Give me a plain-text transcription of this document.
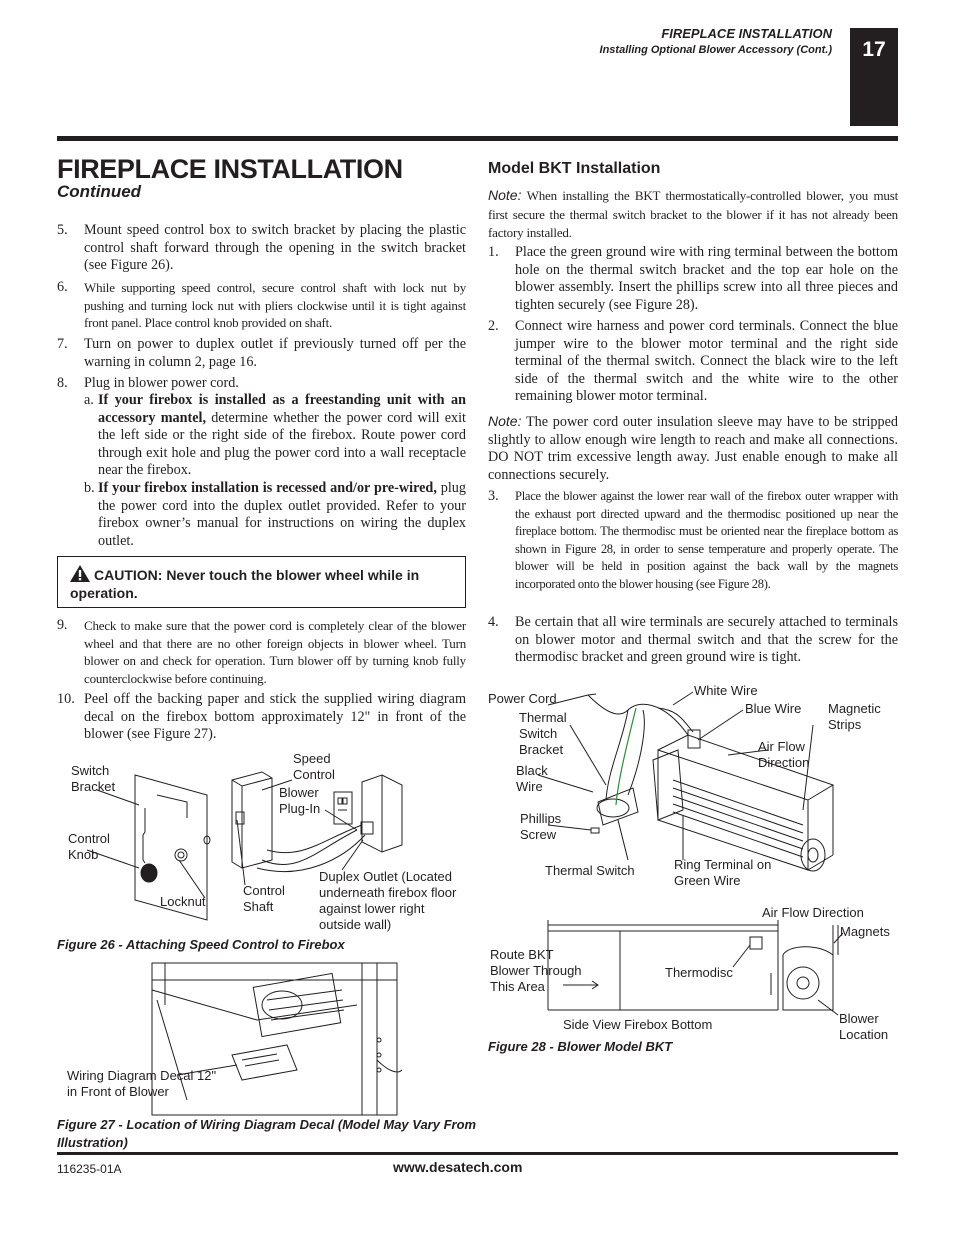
FIREPLACE INSTALLATION
Installing Optional Blower Accessory (Cont.)	17
FIREPLACE INSTALLATION
Continued
5. Mount speed control box to switch bracket by placing the plastic control shaft forward through the opening in the switch bracket (see Figure 26).
6. While supporting speed control, secure control shaft with lock nut by pushing and turning lock nut with pliers clockwise until it is tight against front panel. Place control knob provided on shaft.
7. Turn on power to duplex outlet if previously turned off per the warning in column 2, page 16.
8. Plug in blower power cord.
a. If your firebox is installed as a freestanding unit with an accessory mantel, determine whether the power cord will exit the left side or the right side of the firebox. Route power cord through exit hole and plug the power cord into a wall receptacle near the firebox.
b. If your firebox installation is recessed and/or pre-wired, plug the power cord into the duplex outlet provided. Refer to your firebox owner’s manual for instructions on wiring the duplex outlet.
CAUTION: Never touch the blower wheel while in operation.
9. Check to make sure that the power cord is completely clear of the blower wheel and that there are no other foreign objects in blower wheel. Turn blower on and check for operation. Turn blower off by turning knob fully counterclockwise before continuing.
10. Peel off the backing paper and stick the supplied wiring diagram decal on the firebox bottom approximately 12" in front of the blower (see Figure 27).
Switch Bracket
Speed Control
Blower Plug-In
Control Knob
Locknut
Control Shaft
Duplex Outlet (Located underneath firebox floor against lower right outside wall)
Figure 26 - Attaching Speed Control to Firebox
Wiring Diagram Decal 12" in Front of Blower
Figure 27 - Location of Wiring Diagram Decal (Model May Vary From Illustration)
Model BKT Installation
Note: When installing the BKT thermostatically-controlled blower, you must first secure the thermal switch bracket to the blower if it has not already been factory installed.
1. Place the green ground wire with ring terminal between the bottom hole on the thermal switch bracket and the top ear hole on the blower assembly. Insert the phillips screw into all three pieces and tighten securely (see Figure 28).
2. Connect wire harness and power cord terminals. Connect the blue jumper wire to the blower motor terminal and the right side terminal of the thermal switch. Connect the black wire to the left side of the thermal switch and the white wire to the other remaining blower motor terminal.
Note: The power cord outer insulation sleeve may have to be stripped slightly to allow enough wire length to reach and make all connections. DO NOT trim excessive length away. Just enable enough to make all connections securely.
3. Place the blower against the lower rear wall of the firebox outer wrapper with the exhaust port directed upward and the thermodisc positioned up near the fireplace bottom. The thermodisc must be oriented near the fireplace bottom as shown in Figure 28, in order to sense temperature and properly operate. The blower will be held in position against the back wall by the magnets incorporated onto the blower housing (see Figure 28).
4. Be certain that all wire terminals are securely attached to terminals on blower motor and thermal switch and that the screw for the thermodisc bracket and green ground wire is tight.
Power Cord
White Wire
Blue Wire Magnetic Strips
Thermal Switch Bracket	Air Flow Direction
Black Wire
Phillips Screw
Thermal Switch	Ring Terminal on Green Wire
Air Flow Direction
Magnets
Route BKT Blower Through This Area
Thermodisc
Side View Firebox Bottom	Blower Location
Figure 28 - Blower Model BKT
116235-01A	www.desatech.com
